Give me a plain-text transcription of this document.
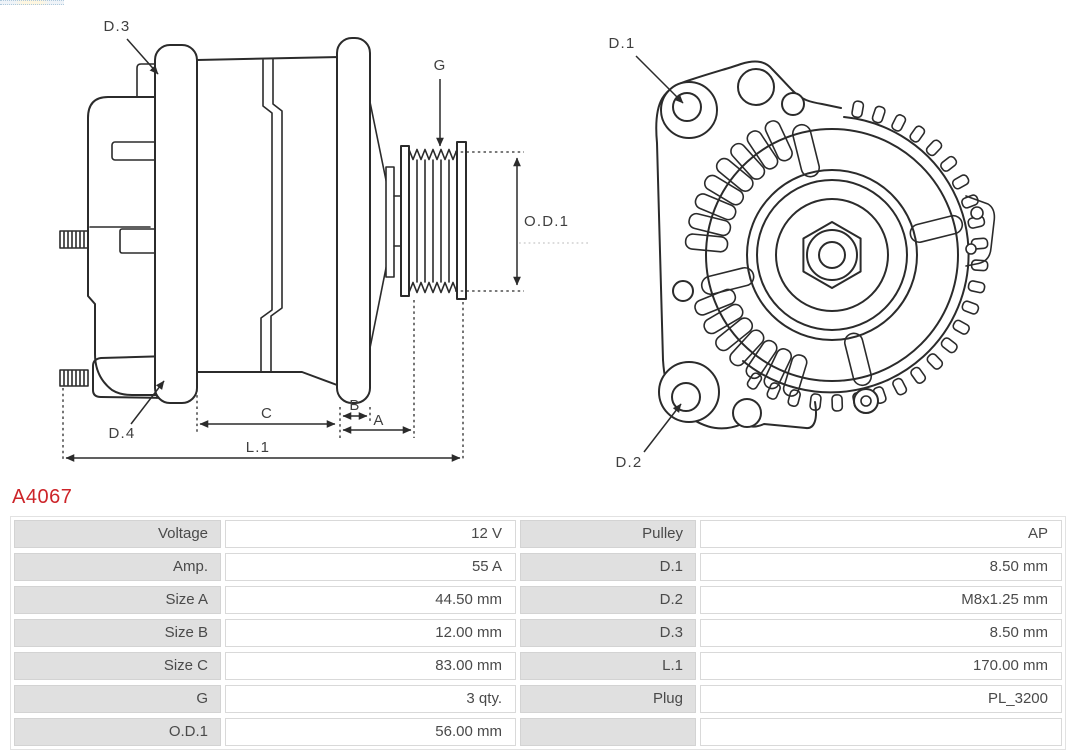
D.3
G
O.D.1
D.4
C	B
A
L.1
D.1
D.2
A4067
Voltage	12 V	Pulley	AP
Amp.	55 A	D.1	8.50 mm
Size A	44.50 mm	D.2	M8x1.25 mm
Size B	12.00 mm	D.3	8.50 mm
Size C	83.00 mm	L.1	170.00 mm
G	3 qty.	Plug	PL_3200
O.D.1	56.00 mm
